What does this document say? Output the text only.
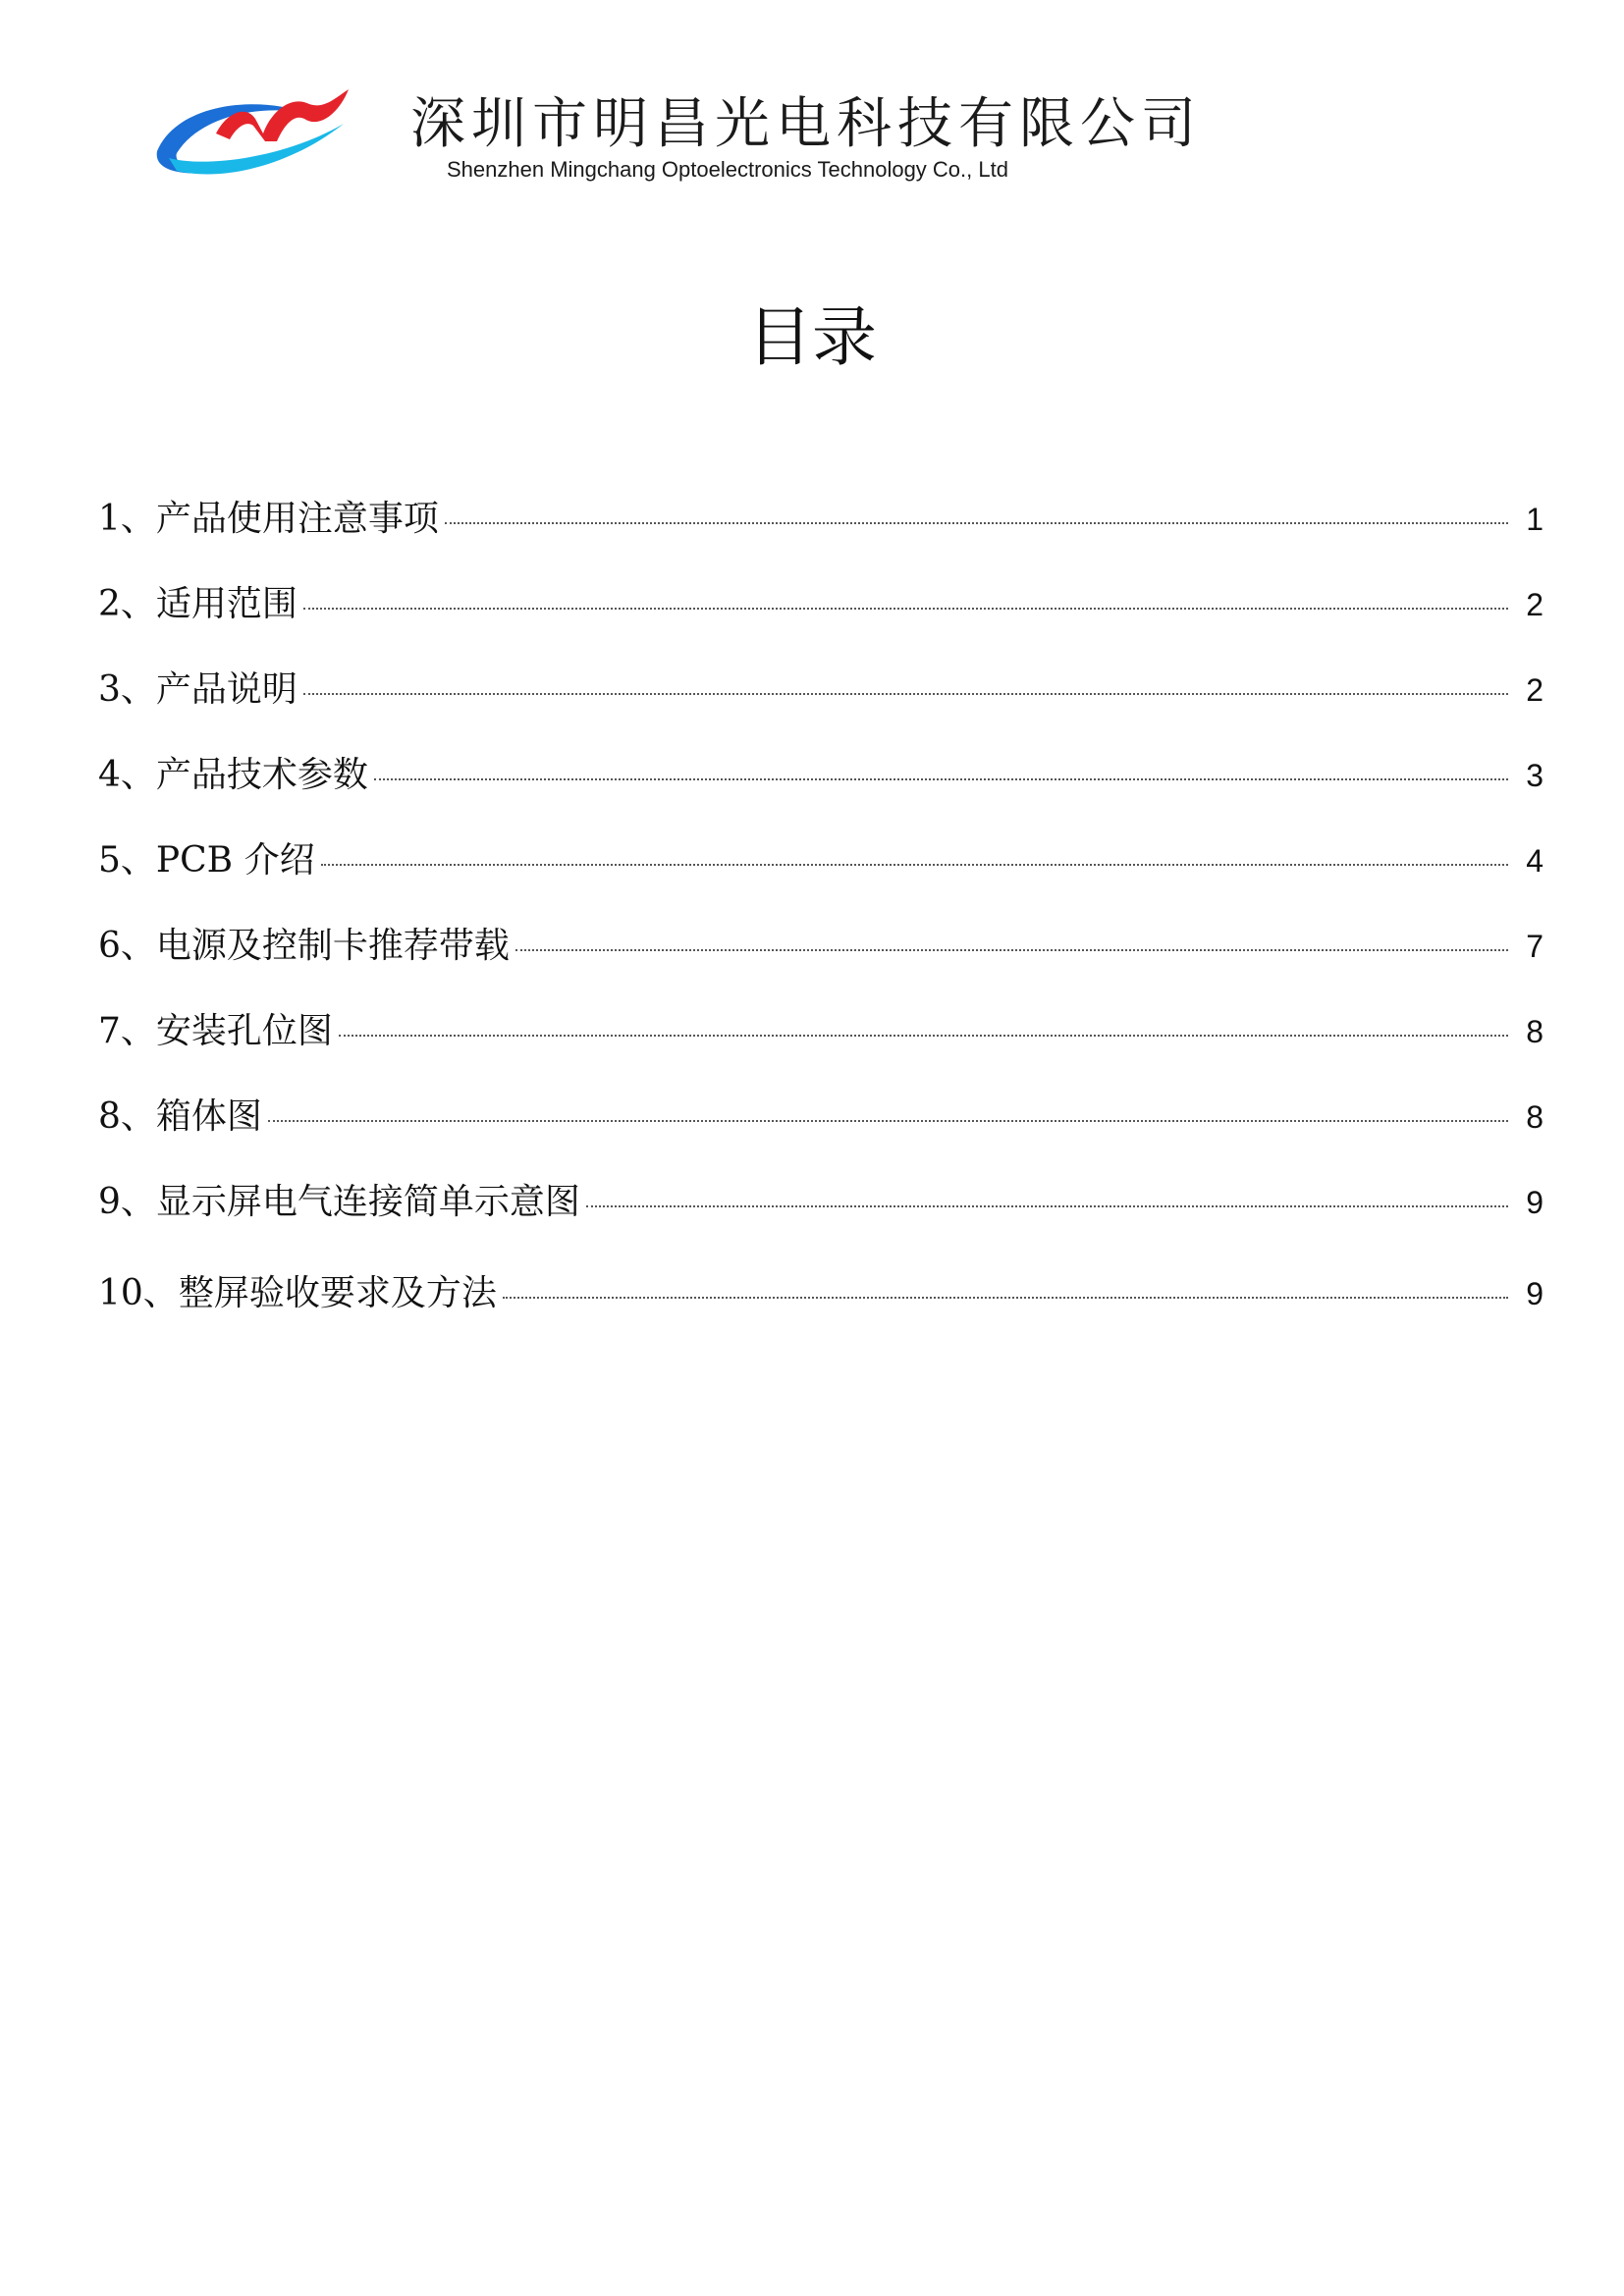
深圳市明昌光电科技有限公司
Shenzhen Mingchang Optoelectronics Technology Co., Ltd
目录
1、 产品使用注意事项	1
2、 适用范围	2
3、 产品说明	2
4、 产品技术参数	3
5、 PCB 介绍	4
6、 电源及控制卡推荐带载	7
7、 安装孔位图	8
8、 箱体图	8
9、 显示屏电气连接简单示意图	9
10、 整屏验收要求及方法	9
